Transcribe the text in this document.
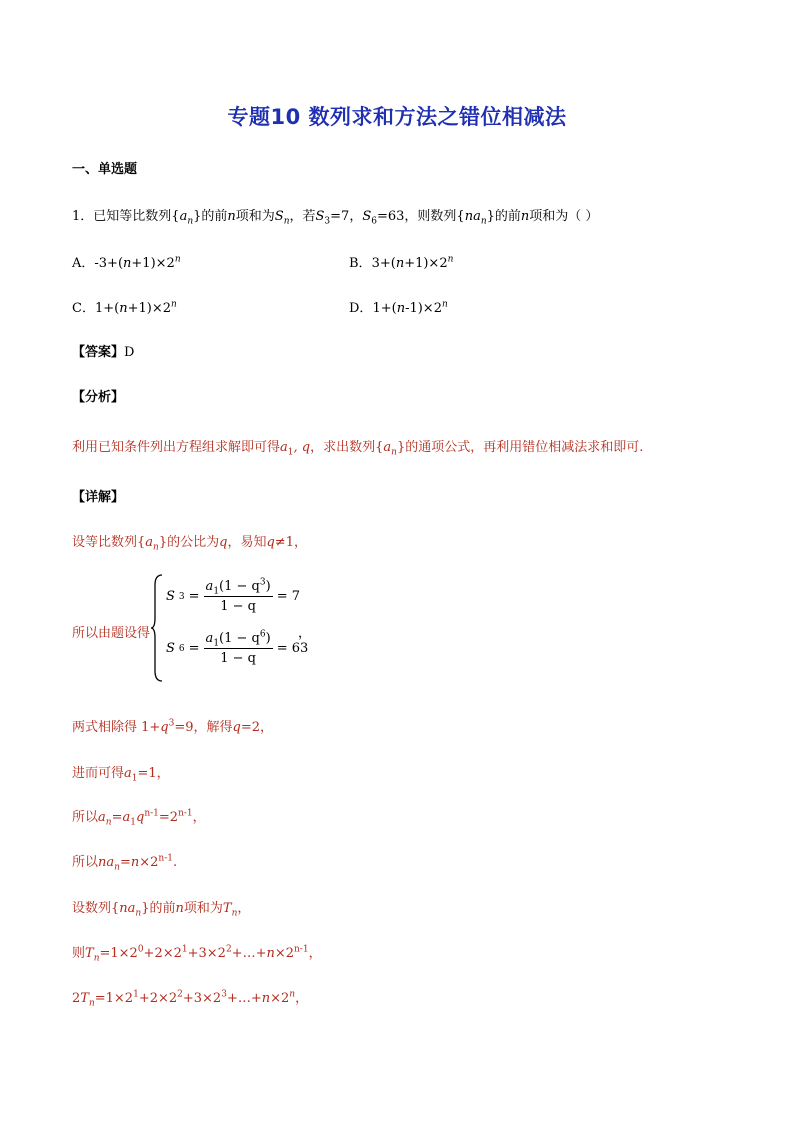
专题10 数列求和方法之错位相减法
一、单选题
1．已知等比数列$\{a_n\}$的前n项和为$S_n$，若$S_3=7$，$S_6=63$，则数列$\{na_n\}$的前n项和为（ ）
A．$-3+(n+1)\times 2^n$	B．$3+(n+1)\times 2^n$
C．$1+(n+1)\times 2^n$	D．$1+(n-1)\times 2^n$
【答案】D
【分析】
利用已知条件列出方程组求解即可得$a_1$, q，求出数列$\{a_n\}$的通项公式，再利用错位相减法求和即可.
【详解】
设等比数列$\{a_n\}$的公比为q，易知q≠1，
所以由题设得
S $3 = \frac{a_1(1 - q^3)}{1 - q} = 7$
S $6 = \frac{a_1(1 - q^6)}{1 - q} = 63$
，
两式相除得 $1+q^3=9$，解得q=2，
进而可得$a_1=1$，
所以$a_n=a_1q^{n-1}=2^{n-1}$，
所以$na_n=n\times 2^{n-1}$.
设数列$\{na_n\}$的前n项和为$T_n$，
则$T_n=1\times 2^0+2\times 2^1+3\times 2^2+\dots+n\times 2^{n-1}$，
$2T_n=1\times 2^1+2\times 2^2+3\times 2^3+\dots+n\times 2^n$，
